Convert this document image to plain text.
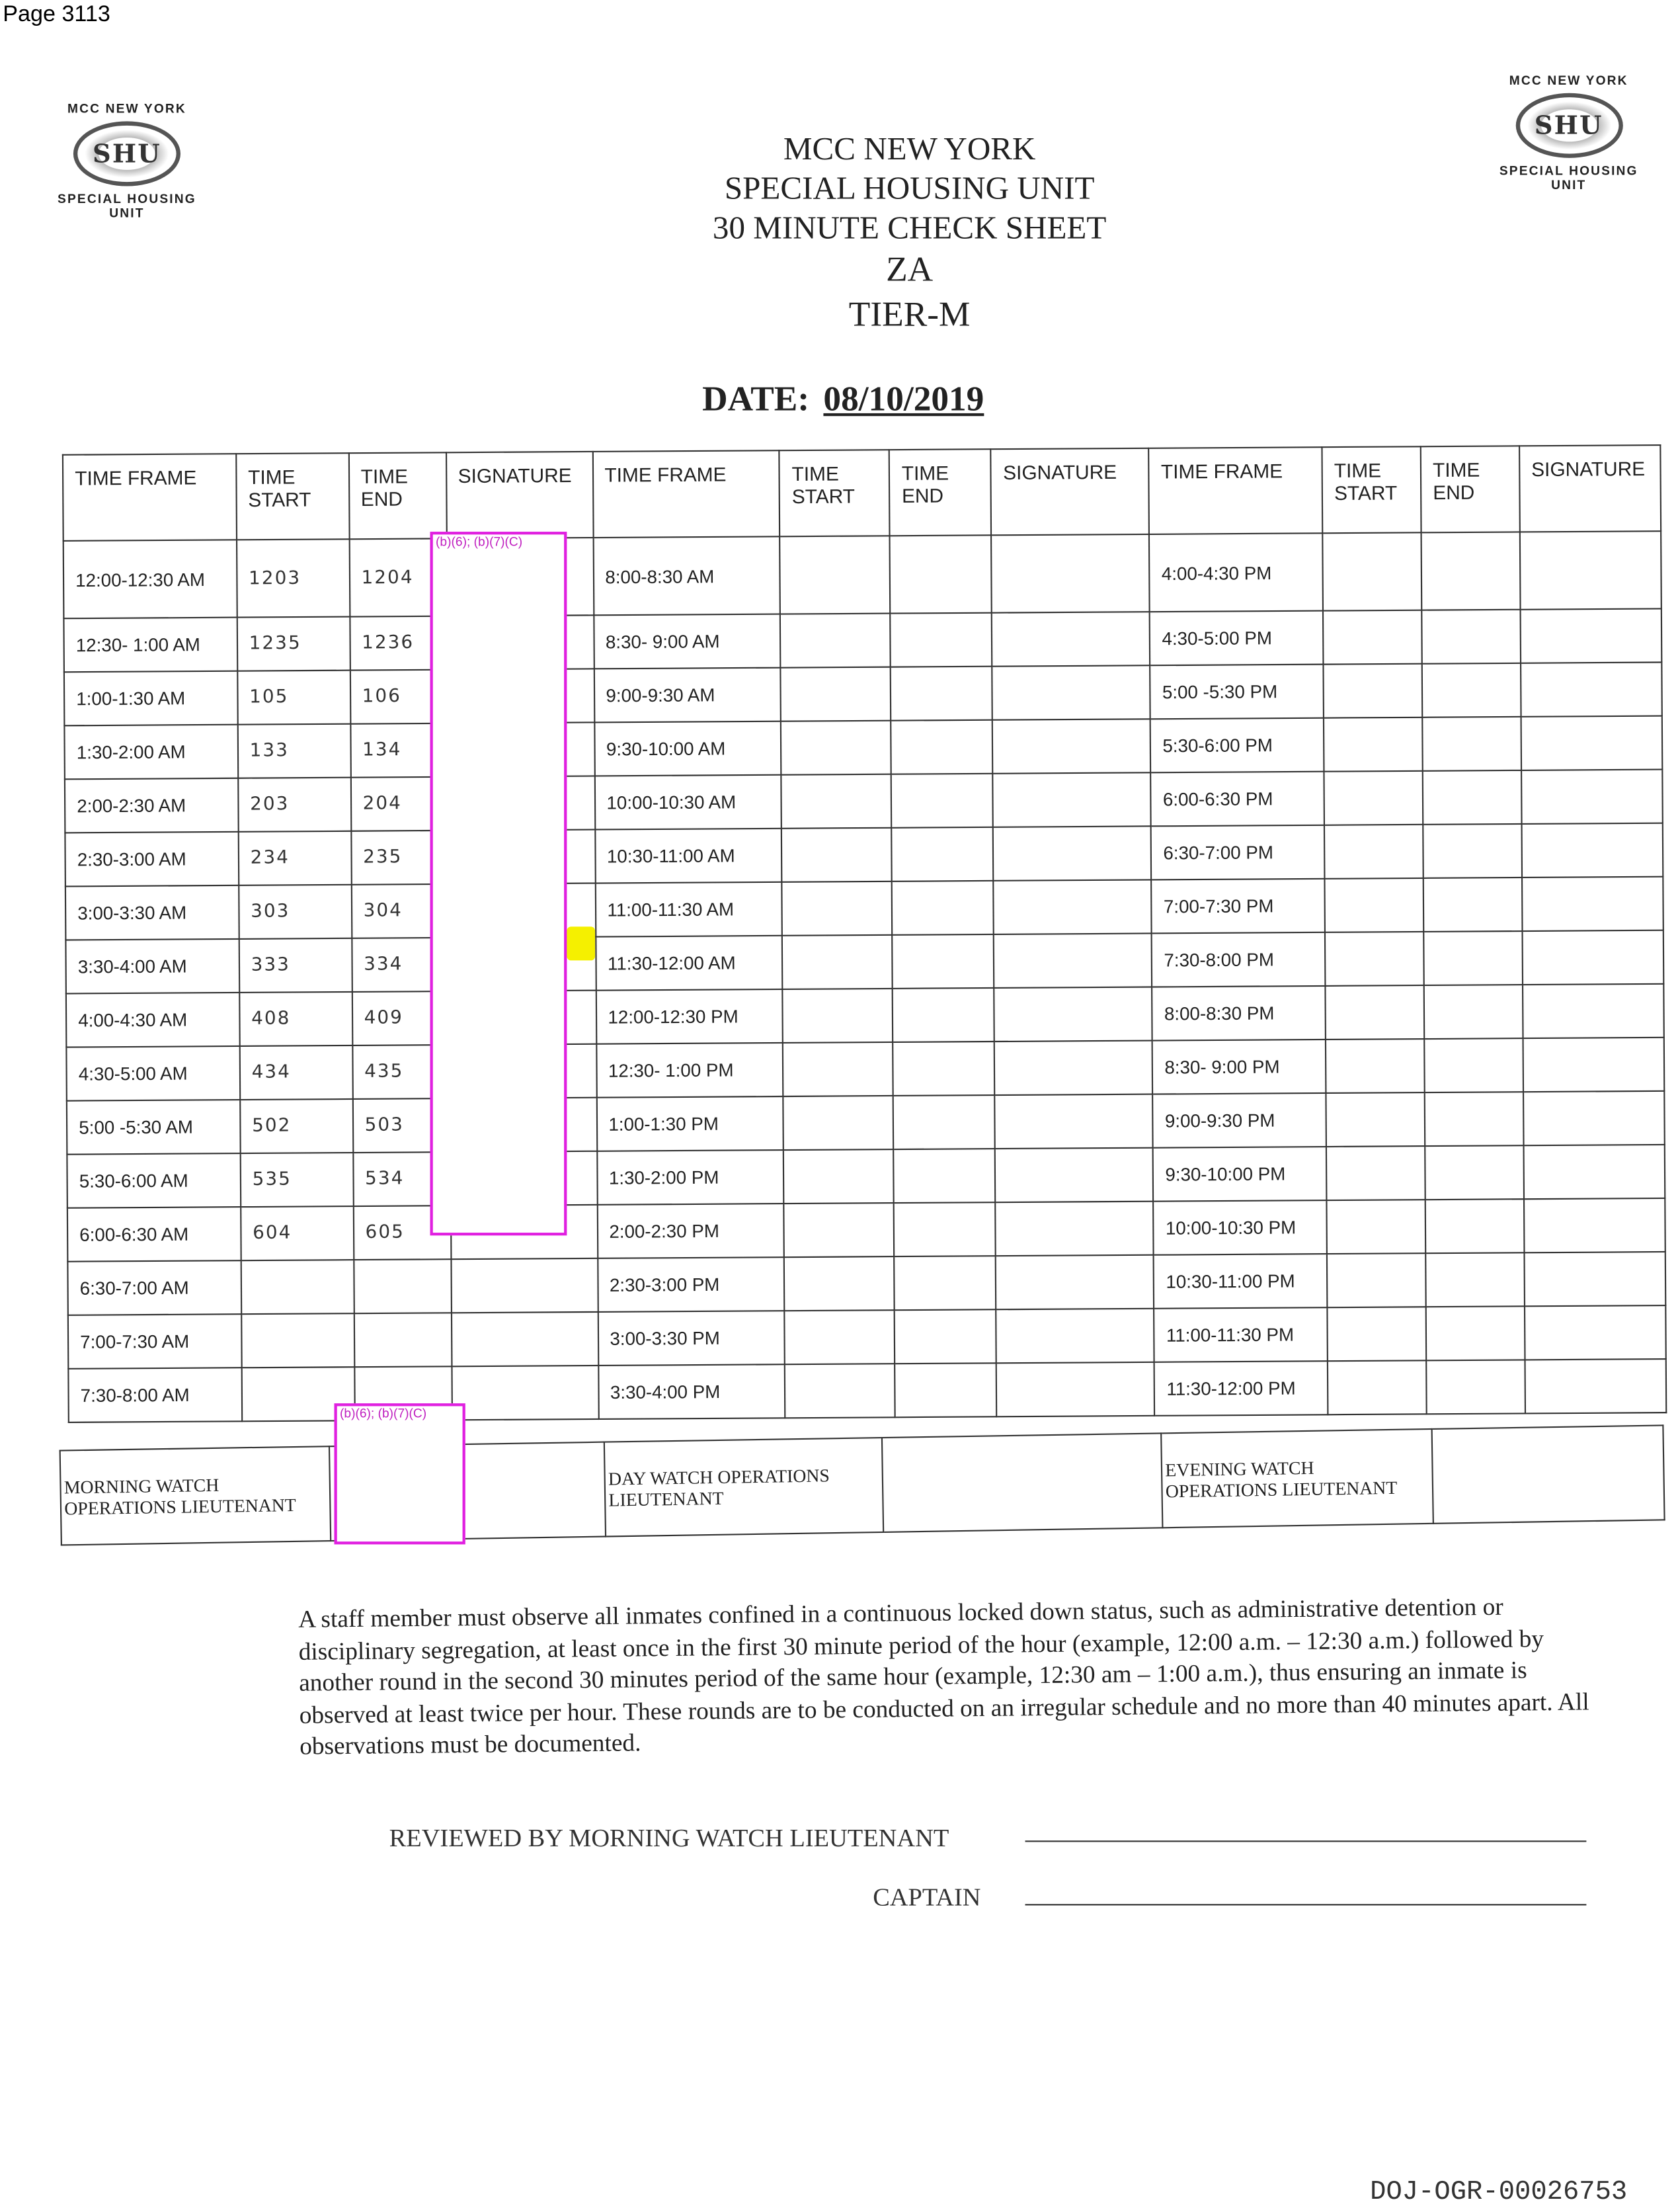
Page 3113
MCC NEW YORK
SHU
SPECIAL HOUSING UNIT
MCC NEW YORK
SHU
SPECIAL HOUSING UNIT
MCC NEW YORK
SPECIAL HOUSING UNIT
30 MINUTE CHECK SHEET
ZA
TIER-M
DATE: 08/10/2019
TIME FRAME	TIME START	TIME END	SIGNATURE	TIME FRAME	TIME START	TIME END	SIGNATURE	TIME FRAME	TIME START	TIME END	SIGNATURE
12:00-12:30 AM	1203	1204		8:00-8:30 AM				4:00-4:30 PM			
12:30- 1:00 AM	1235	1236		8:30- 9:00 AM				4:30-5:00 PM			
1:00-1:30 AM	105	106		9:00-9:30 AM				5:00 -5:30 PM			
1:30-2:00 AM	133	134		9:30-10:00 AM				5:30-6:00 PM			
2:00-2:30 AM	203	204		10:00-10:30 AM				6:00-6:30 PM			
2:30-3:00 AM	234	235		10:30-11:00 AM				6:30-7:00 PM			
3:00-3:30 AM	303	304		11:00-11:30 AM				7:00-7:30 PM			
3:30-4:00 AM	333	334		11:30-12:00 AM				7:30-8:00 PM			
4:00-4:30 AM	408	409		12:00-12:30 PM				8:00-8:30 PM			
4:30-5:00 AM	434	435		12:30- 1:00 PM				8:30- 9:00 PM			
5:00 -5:30 AM	502	503		1:00-1:30 PM				9:00-9:30 PM			
5:30-6:00 AM	535	534		1:30-2:00 PM				9:30-10:00 PM			
6:00-6:30 AM	604	605		2:00-2:30 PM				10:00-10:30 PM			
6:30-7:00 AM				2:30-3:00 PM				10:30-11:00 PM			
7:00-7:30 AM				3:00-3:30 PM				11:00-11:30 PM			
7:30-8:00 AM				3:30-4:00 PM				11:30-12:00 PM			
(b)(6); (b)(7)(C)
MORNING WATCH OPERATIONS LIEUTENANT		DAY WATCH OPERATIONS LIEUTENANT		EVENING WATCH OPERATIONS LIEUTENANT	
(b)(6); (b)(7)(C)
A staff member must observe all inmates confined in a continuous locked down status, such as administrative detention or disciplinary segregation, at least once in the first 30 minute period of the hour (example, 12:00 a.m. – 12:30 a.m.) followed by another round in the second 30 minutes period of the same hour (example, 12:30 am – 1:00 a.m.), thus ensuring an inmate is observed at least twice per hour. These rounds are to be conducted on an irregular schedule and no more than 40 minutes apart. All observations must be documented.
REVIEWED BY MORNING WATCH LIEUTENANT
CAPTAIN
DOJ-OGR-00026753
